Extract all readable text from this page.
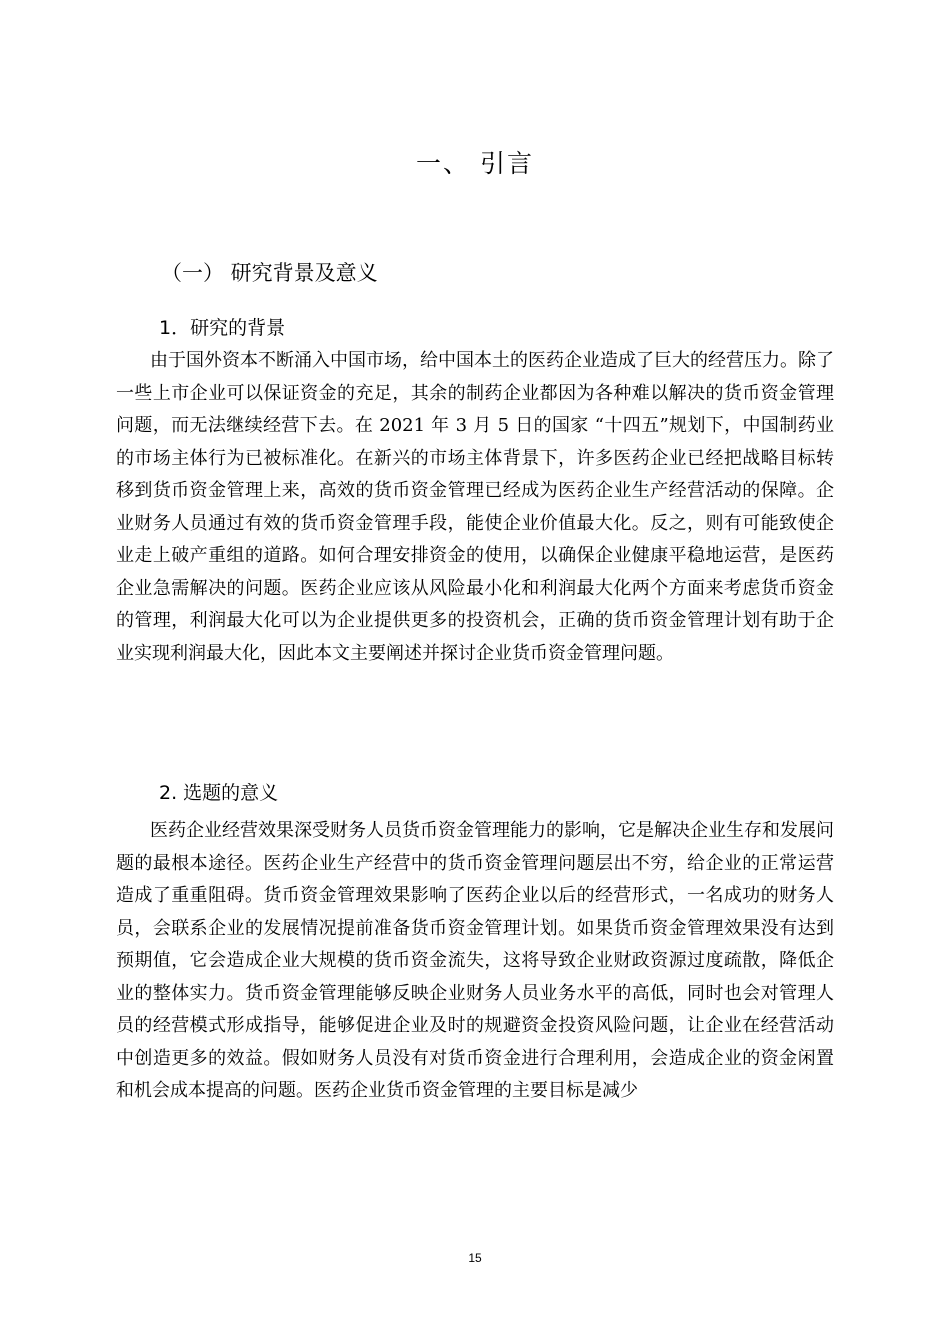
一、 引言
（一） 研究背景及意义
1．研究的背景

由于国外资本不断涌入中国市场，给中国本土的医药企业造成了巨大的经营压力。除了一些上市企业可以保证资金的充足，其余的制药企业都因为各种难以解决的货币资金管理问题，而无法继续经营下去。在 2021 年 3 月 5 日的国家 “十四五”规划下，中国制药业的市场主体行为已被标准化。在新兴的市场主体背景下，许多医药企业已经把战略目标转移到货币资金管理上来，高效的货币资金管理已经成为医药企业生产经营活动的保障。企业财务人员通过有效的货币资金管理手段，能使企业价值最大化。反之，则有可能致使企业走上破产重组的道路。如何合理安排资金的使用，以确保企业健康平稳地运营，是医药企业急需解决的问题。医药企业应该从风险最小化和利润最大化两个方面来考虑货币资金的管理，利润最大化可以为企业提供更多的投资机会，正确的货币资金管理计划有助于企业实现利润最大化，因此本文主要阐述并探讨企业货币资金管理问题。

2. 选题的意义

医药企业经营效果深受财务人员货币资金管理能力的影响，它是解决企业生存和发展问题的最根本途径。医药企业生产经营中的货币资金管理问题层出不穷，给企业的正常运营造成了重重阻碍。货币资金管理效果影响了医药企业以后的经营形式，一名成功的财务人员，会联系企业的发展情况提前准备货币资金管理计划。如果货币资金管理效果没有达到预期值，它会造成企业大规模的货币资金流失，这将导致企业财政资源过度疏散，降低企业的整体实力。货币资金管理能够反映企业财务人员业务水平的高低，同时也会对管理人员的经营模式形成指导，能够促进企业及时的规避资金投资风险问题，让企业在经营活动中创造更多的效益。假如财务人员没有对货币资金进行合理利用，会造成企业的资金闲置和机会成本提高的问题。医药企业货币资金管理的主要目标是减少

15
